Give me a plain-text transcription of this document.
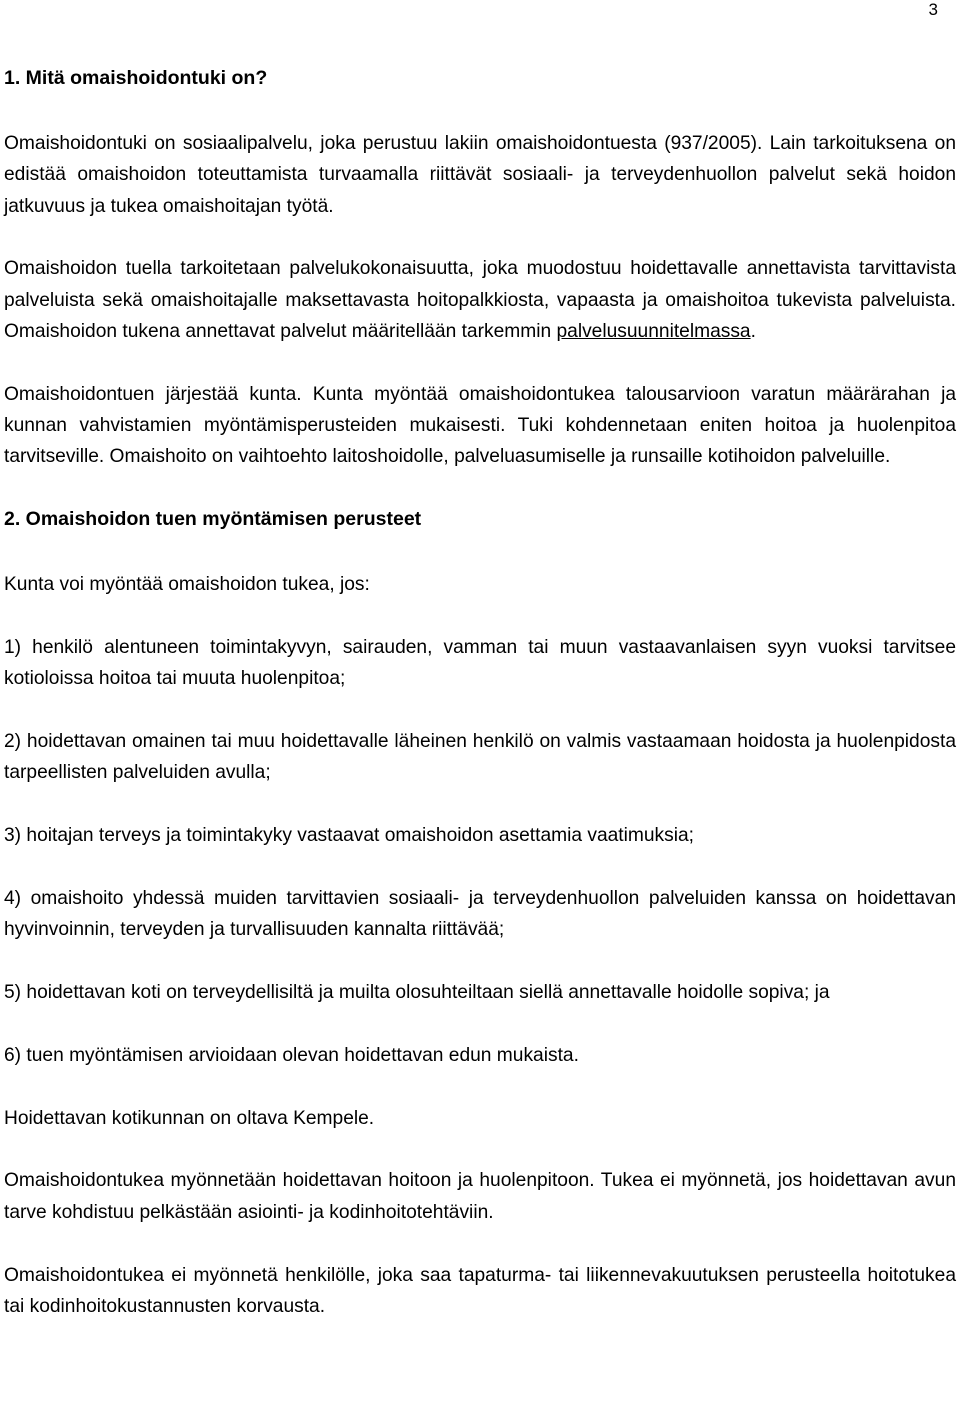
3
1. Mitä omaishoidontuki on?

Omaishoidontuki on sosiaalipalvelu, joka perustuu lakiin omaishoidontuesta (937/2005). Lain tarkoituksena on edistää omaishoidon toteuttamista turvaamalla riittävät sosiaali- ja terveydenhuollon palvelut sekä hoidon jatkuvuus ja tukea omaishoitajan työtä.

Omaishoidon tuella tarkoitetaan palvelukokonaisuutta, joka muodostuu hoidettavalle annettavista tarvittavista palveluista sekä omaishoitajalle maksettavasta hoitopalkkiosta, vapaasta ja omaishoitoa tukevista palveluista. Omaishoidon tukena annettavat palvelut määritellään tarkemmin palvelusuunnitelmassa.

Omaishoidontuen järjestää kunta. Kunta myöntää omaishoidontukea talousarvioon varatun määrärahan ja kunnan vahvistamien myöntämisperusteiden mukaisesti. Tuki kohdennetaan eniten hoitoa ja huolenpitoa tarvitseville. Omaishoito on vaihtoehto laitoshoidolle, palveluasumiselle ja runsaille kotihoidon palveluille.

2. Omaishoidon tuen myöntämisen perusteet

Kunta voi myöntää omaishoidon tukea, jos:

1) henkilö alentuneen toimintakyvyn, sairauden, vamman tai muun vastaavanlaisen syyn vuoksi tarvitsee kotioloissa hoitoa tai muuta huolenpitoa;

2) hoidettavan omainen tai muu hoidettavalle läheinen henkilö on valmis vastaamaan hoidosta ja huolenpidosta tarpeellisten palveluiden avulla;

3) hoitajan terveys ja toimintakyky vastaavat omaishoidon asettamia vaatimuksia;

4) omaishoito yhdessä muiden tarvittavien sosiaali- ja terveydenhuollon palveluiden kanssa on hoidettavan hyvinvoinnin, terveyden ja turvallisuuden kannalta riittävää;

5) hoidettavan koti on terveydellisiltä ja muilta olosuhteiltaan siellä annettavalle hoidolle sopiva; ja

6) tuen myöntämisen arvioidaan olevan hoidettavan edun mukaista.

Hoidettavan kotikunnan on oltava Kempele.

Omaishoidontukea myönnetään hoidettavan hoitoon ja huolenpitoon. Tukea ei myönnetä, jos hoidettavan avun tarve kohdistuu pelkästään asiointi- ja kodinhoitotehtäviin.

Omaishoidontukea ei myönnetä henkilölle, joka saa tapaturma- tai liikennevakuutuksen perusteella hoitotukea tai kodinhoitokustannusten korvausta.
